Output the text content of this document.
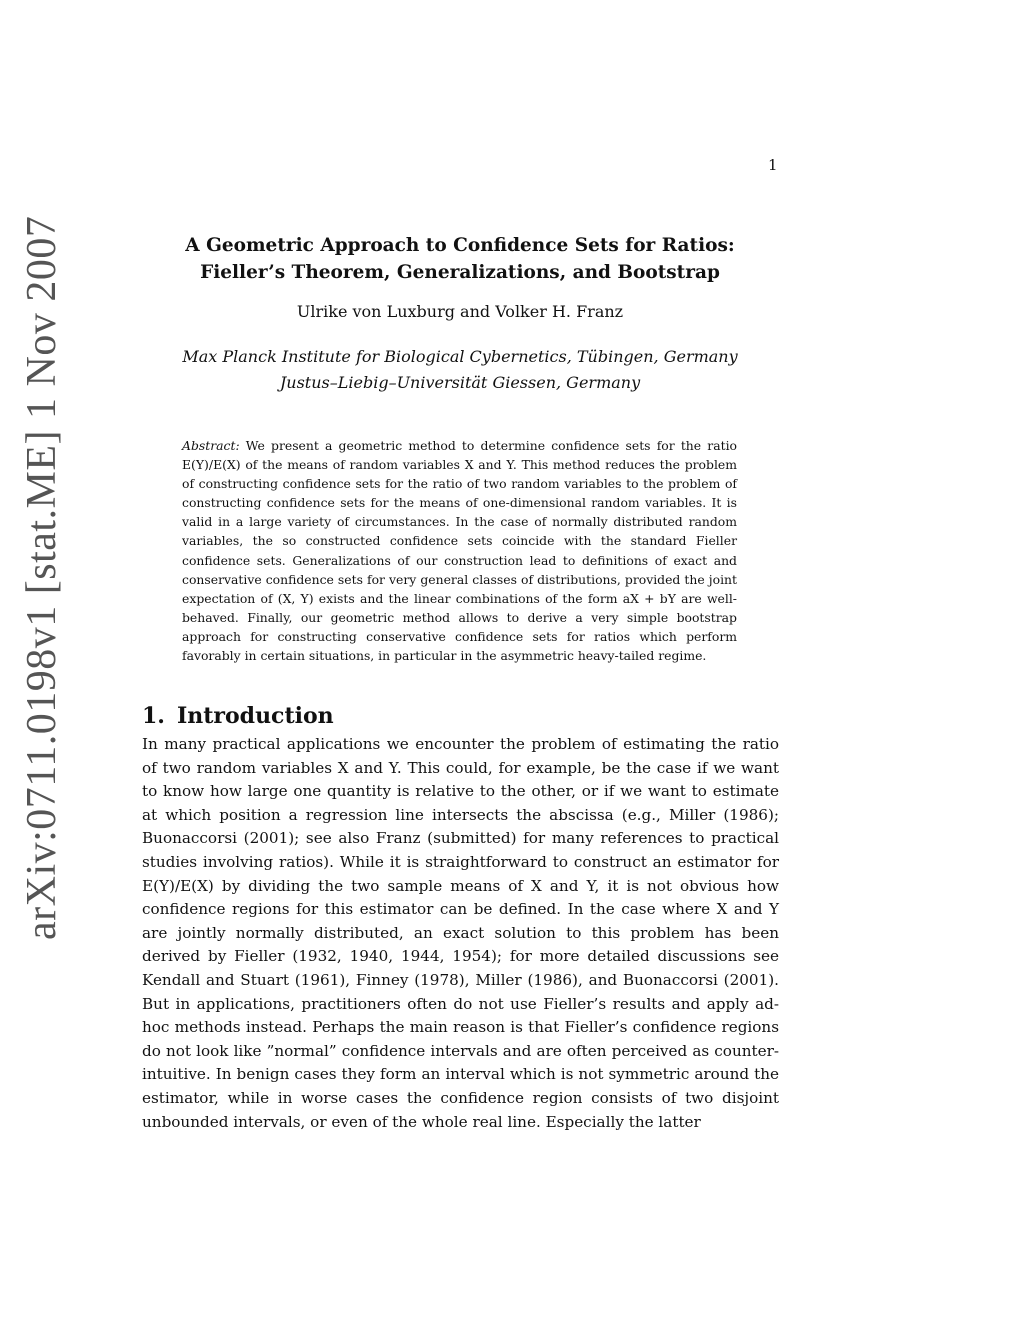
1
arXiv:0711.0198v1 [stat.ME] 1 Nov 2007	A Geometric Approach to Confidence Sets for Ratios:
Fieller’s Theorem, Generalizations, and Bootstrap
Ulrike von Luxburg and Volker H. Franz
Max Planck Institute for Biological Cybernetics, Tübingen, Germany
Justus–Liebig–Universität Giessen, Germany
Abstract: We present a geometric method to determine confidence sets for the ratio E(Y)/E(X) of the means of random variables X and Y. This method reduces the problem of constructing confidence sets for the ratio of two random variables to the problem of constructing confidence sets for the means of one-dimensional random variables. It is valid in a large variety of circumstances. In the case of normally distributed random variables, the so constructed confidence sets coincide with the standard Fieller confidence sets. Generalizations of our construction lead to definitions of exact and conservative confidence sets for very general classes of distributions, provided the joint expectation of (X, Y) exists and the linear combinations of the form aX + bY are well-behaved. Finally, our geometric method allows to derive a very simple bootstrap approach for constructing conservative confidence sets for ratios which perform favorably in certain situations, in particular in the asymmetric heavy-tailed regime.
1. Introduction
In many practical applications we encounter the problem of estimating the ratio of two random variables X and Y. This could, for example, be the case if we want to know how large one quantity is relative to the other, or if we want to estimate at which position a regression line intersects the abscissa (e.g., Miller (1986); Buonaccorsi (2001); see also Franz (submitted) for many references to practical studies involving ratios). While it is straightforward to construct an estimator for E(Y)/E(X) by dividing the two sample means of X and Y, it is not obvious how confidence regions for this estimator can be defined. In the case where X and Y are jointly normally distributed, an exact solution to this problem has been derived by Fieller (1932, 1940, 1944, 1954); for more detailed discussions see Kendall and Stuart (1961), Finney (1978), Miller (1986), and Buonaccorsi (2001). But in applications, practitioners often do not use Fieller’s results and apply ad-hoc methods instead. Perhaps the main reason is that Fieller’s confidence regions do not look like ”normal” confidence intervals and are often perceived as counter-intuitive. In benign cases they form an interval which is not symmetric around the estimator, while in worse cases the confidence region consists of two disjoint unbounded intervals, or even of the whole real line. Especially the latter
